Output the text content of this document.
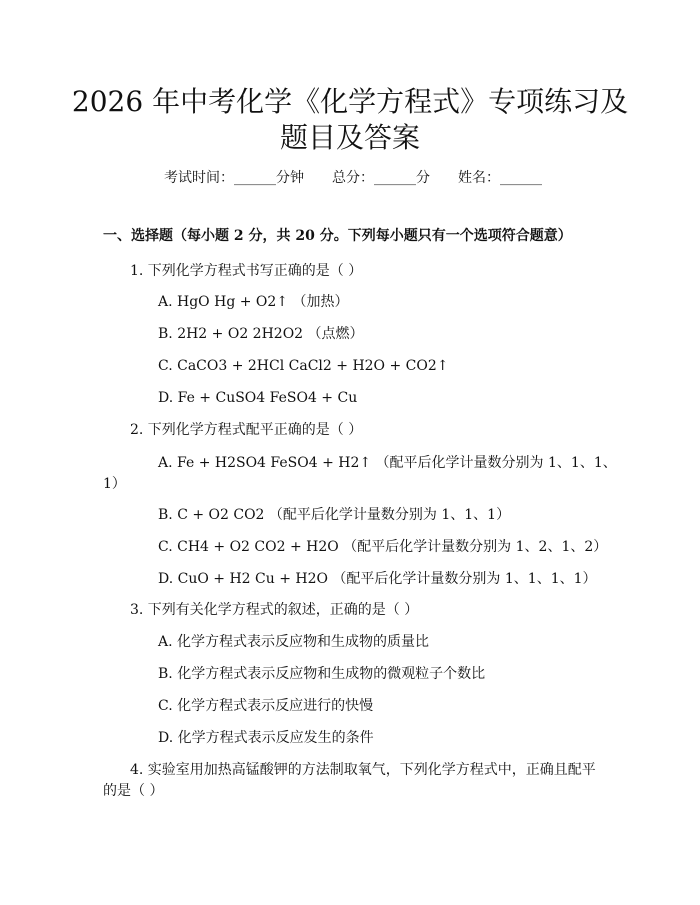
2026 年中考化学《化学方程式》专项练习及
题目及答案
考试时间：______分钟 总分：______分 姓名：______
一、选择题（每小题 2 分，共 20 分。下列每小题只有一个选项符合题意）
1. 下列化学方程式书写正确的是（ ）
A. HgO Hg + O2↑ （加热）
B. 2H2 + O2 2H2O2 （点燃）
C. CaCO3 + 2HCl CaCl2 + H2O + CO2↑
D. Fe + CuSO4 FeSO4 + Cu
2. 下列化学方程式配平正确的是（ ）
A. Fe + H2SO4 FeSO4 + H2↑ （配平后化学计量数分别为 1、1、1、
1）
B. C + O2 CO2 （配平后化学计量数分别为 1、1、1）
C. CH4 + O2 CO2 + H2O （配平后化学计量数分别为 1、2、1、2）
D. CuO + H2 Cu + H2O （配平后化学计量数分别为 1、1、1、1）
3. 下列有关化学方程式的叙述，正确的是（ ）
A. 化学方程式表示反应物和生成物的质量比
B. 化学方程式表示反应物和生成物的微观粒子个数比
C. 化学方程式表示反应进行的快慢
D. 化学方程式表示反应发生的条件
4. 实验室用加热高锰酸钾的方法制取氧气，下列化学方程式中，正确且配平
的是（ ）
